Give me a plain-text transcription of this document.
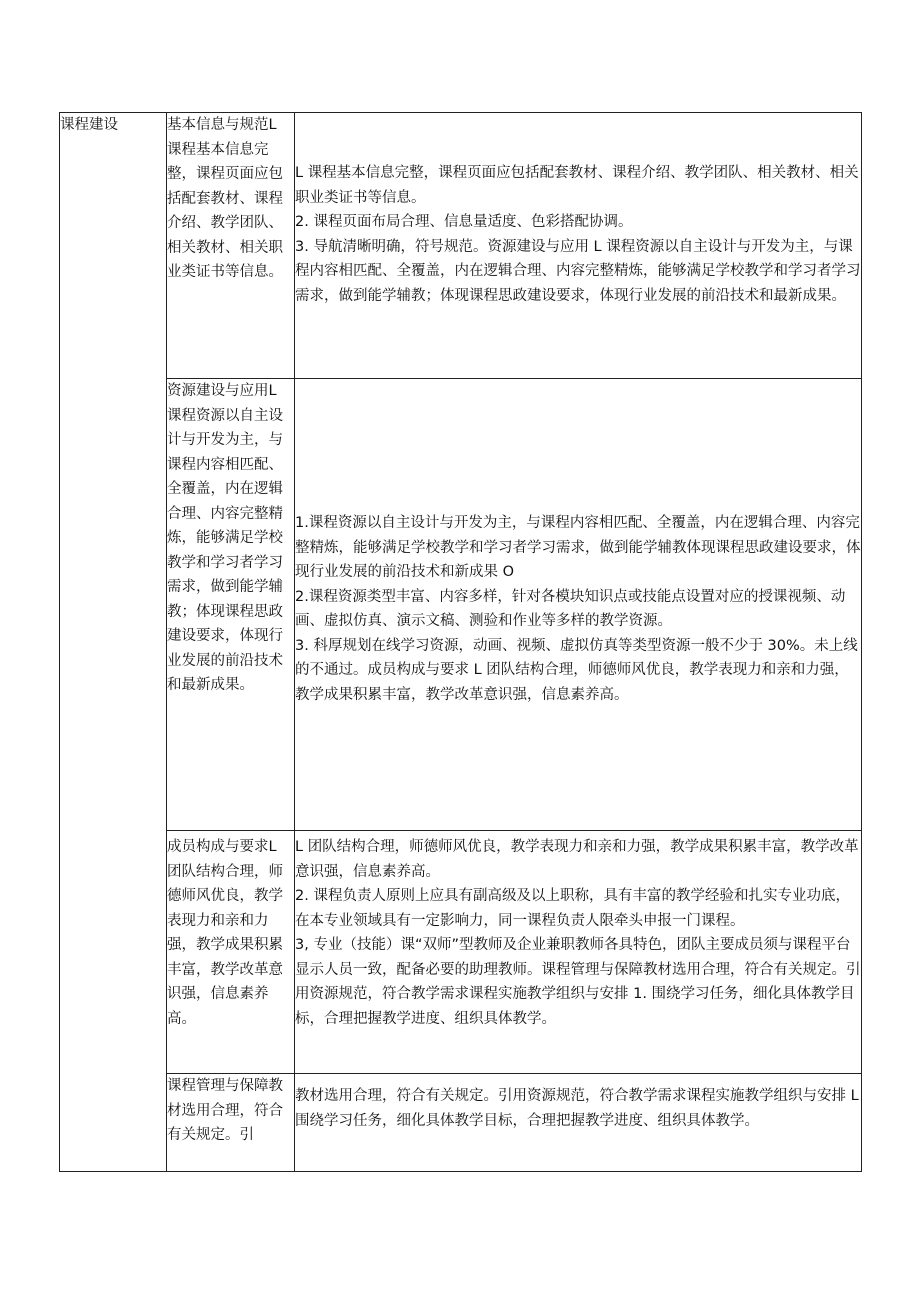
课程建设	基本信息与规范L 课程基本信息完整，课程页面应包括配套教材、课程介绍、教学团队、相关教材、相关职业类证书等信息。	L 课程基本信息完整，课程页面应包括配套教材、课程介绍、教学团队、相关教材、相关职业类证书等信息。
2. 课程页面布局合理、信息量适度、色彩搭配协调。
3. 导航清晰明确，符号规范。资源建设与应用 L 课程资源以自主设计与开发为主，与课程内容相匹配、全覆盖，内在逻辑合理、内容完整精炼，能够满足学校教学和学习者学习需求，做到能学辅教；体现课程思政建设要求，体现行业发展的前沿技术和最新成果。

	资源建设与应用L 课程资源以自主设计与开发为主，与课程内容相匹配、全覆盖，内在逻辑合理、内容完整精炼，能够满足学校教学和学习者学习需求，做到能学辅教；体现课程思政建设要求，体现行业发展的前沿技术和最新成果。	1.课程资源以自主设计与开发为主，与课程内容相匹配、全覆盖，内在逻辑合理、内容完整精炼，能够满足学校教学和学习者学习需求，做到能学辅教体现课程思政建设要求，体现行业发展的前沿技术和新成果 O
2.课程资源类型丰富、内容多样，针对各模块知识点或技能点设置对应的授课视频、动画、虚拟仿真、演示文稿、测验和作业等多样的教学资源。
3. 科厚规划在线学习资源，动画、视频、虚拟仿真等类型资源一般不少于 30%。未上线的不通过。成员构成与要求 L 团队结构合理，师德师风优良，教学表现力和亲和力强，教学成果积累丰富，教学改革意识强，信息素养高。

	成员构成与要求L 团队结构合理，师德师风优良，教学表现力和亲和力强，教学成果积累丰富，教学改革意识强，信息素养高。	L 团队结构合理，师德师风优良，教学表现力和亲和力强，教学成果积累丰富，教学改革意识强，信息素养高。
2. 课程负责人原则上应具有副高级及以上职称，具有丰富的教学经验和扎实专业功底，在本专业领域具有一定影响力，同一课程负责人限牵头申报一门课程。
3, 专业（技能）课“双师”型教师及企业兼职教师各具特色，团队主要成员须与课程平台显示人员一致，配备必要的助理教师。课程管理与保障教材选用合理，符合有关规定。引用资源规范，符合教学需求课程实施教学组织与安排 1. 围绕学习任务，细化具体教学目标，合理把握教学进度、组织具体教学。

	课程管理与保障教材选用合理，符合有关规定。引	教材选用合理，符合有关规定。引用资源规范，符合教学需求课程实施教学组织与安排 L 围绕学习任务，细化具体教学目标，合理把握教学进度、组织具体教学。
